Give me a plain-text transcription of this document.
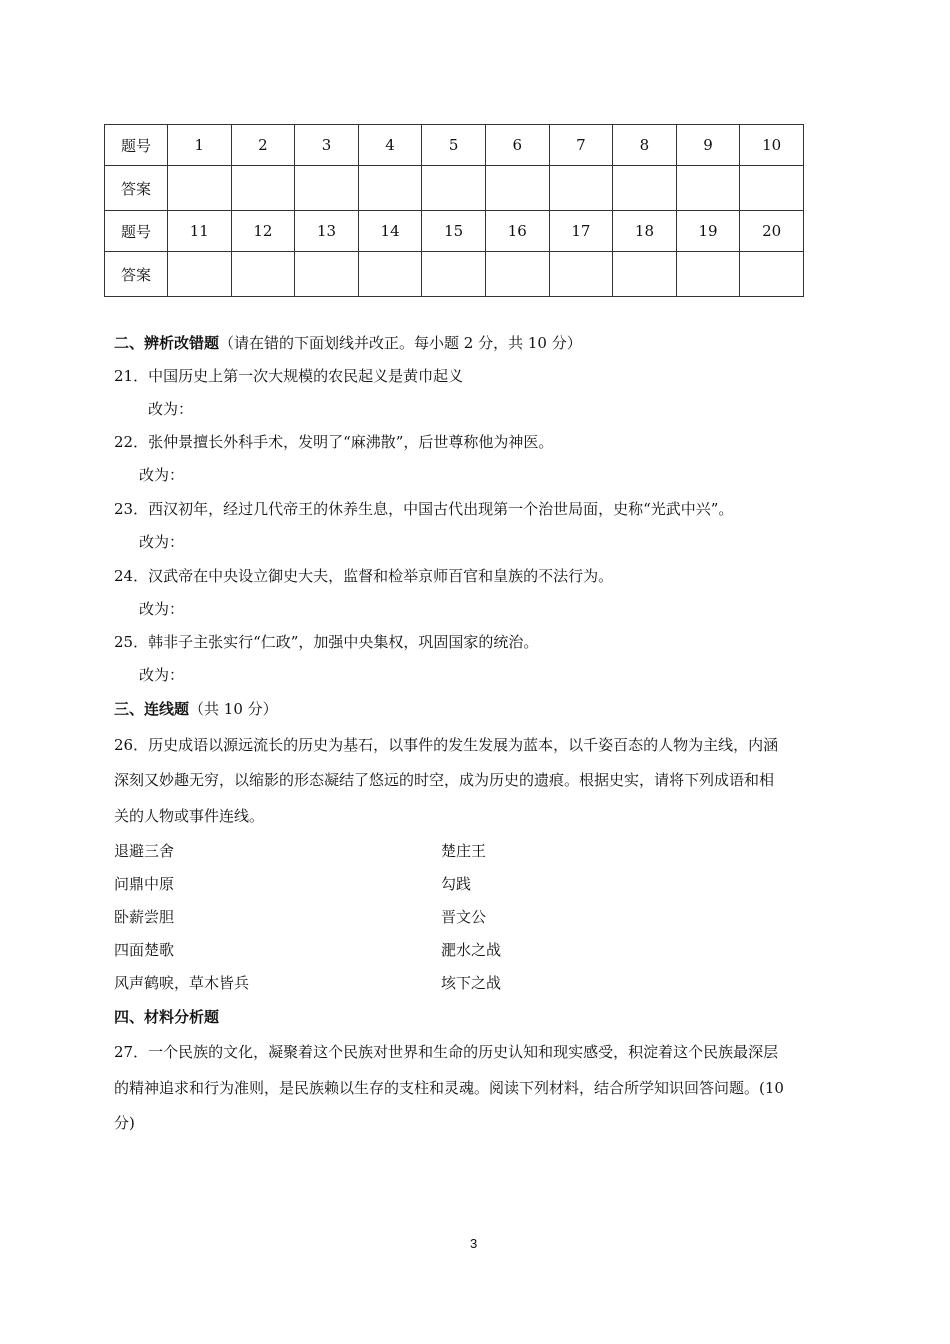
题号	1	2	3	4	5	6	7	8	9	10
答案										
题号	11	12	13	14	15	16	17	18	19	20
答案										
二、辨析改错题（请在错的下面划线并改正。每小题 2 分，共 10 分）
21．中国历史上第一次大规模的农民起义是黄巾起义
改为：
22．张仲景擅长外科手术，发明了“麻沸散”，后世尊称他为神医。
改为：
23．西汉初年，经过几代帝王的休养生息，中国古代出现第一个治世局面，史称“光武中兴”。
改为：
24．汉武帝在中央设立御史大夫，监督和检举京师百官和皇族的不法行为。
改为：
25．韩非子主张实行“仁政”，加强中央集权，巩固国家的统治。
改为：
三、连线题（共 10 分）
26．历史成语以源远流长的历史为基石，以事件的发生发展为蓝本，以千姿百态的人物为主线，内涵
深刻又妙趣无穷，以缩影的形态凝结了悠远的时空，成为历史的遗痕。根据史实，请将下列成语和相
关的人物或事件连线。
退避三舍	楚庄王
问鼎中原	勾践
卧薪尝胆	晋文公
四面楚歌	淝水之战
风声鹤唳，草木皆兵	垓下之战
四、材料分析题
27．一个民族的文化，凝聚着这个民族对世界和生命的历史认知和现实感受，积淀着这个民族最深层
的精神追求和行为准则，是民族赖以生存的支柱和灵魂。阅读下列材料，结合所学知识回答问题。(10
分)
3
